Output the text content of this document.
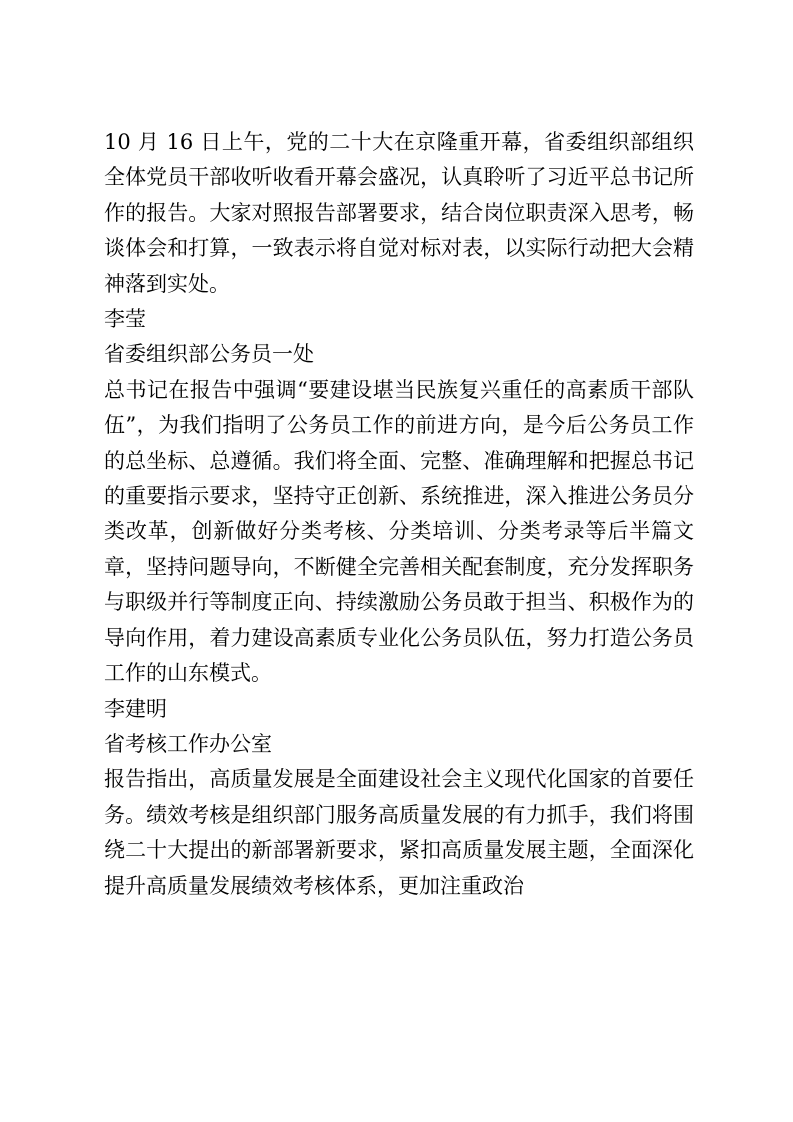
10 月 16 日上午，党的二十大在京隆重开幕，省委组织部组织全体党员干部收听收看开幕会盛况，认真聆听了习近平总书记所作的报告。大家对照报告部署要求，结合岗位职责深入思考，畅谈体会和打算，一致表示将自觉对标对表，以实际行动把大会精神落到实处。

李莹

省委组织部公务员一处

总书记在报告中强调“要建设堪当民族复兴重任的高素质干部队伍”，为我们指明了公务员工作的前进方向，是今后公务员工作的总坐标、总遵循。我们将全面、完整、准确理解和把握总书记的重要指示要求，坚持守正创新、系统推进，深入推进公务员分类改革，创新做好分类考核、分类培训、分类考录等后半篇文章，坚持问题导向，不断健全完善相关配套制度，充分发挥职务与职级并行等制度正向、持续激励公务员敢于担当、积极作为的导向作用，着力建设高素质专业化公务员队伍，努力打造公务员工作的山东模式。

李建明

省考核工作办公室

报告指出，高质量发展是全面建设社会主义现代化国家的首要任务。绩效考核是组织部门服务高质量发展的有力抓手，我们将围绕二十大提出的新部署新要求，紧扣高质量发展主题，全面深化提升高质量发展绩效考核体系，更加注重政治
